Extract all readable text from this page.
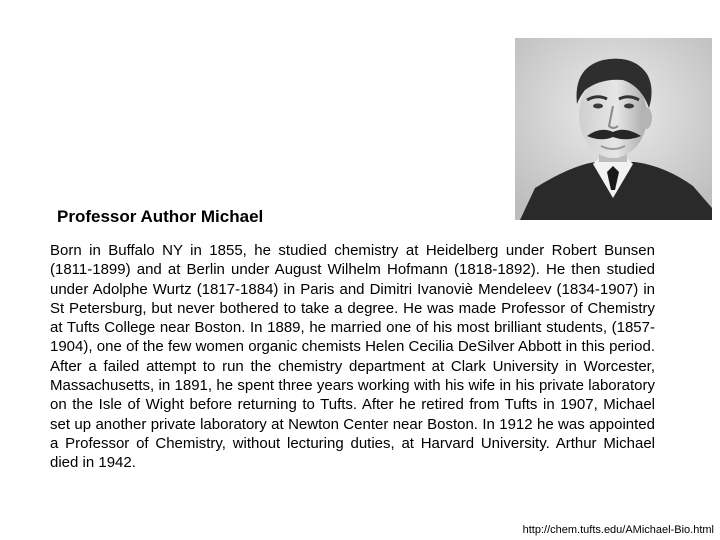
Professor Author Michael

Born in Buffalo NY in 1855, he studied chemistry at Heidelberg under Robert Bunsen (1811-1899) and at Berlin under August Wilhelm Hofmann (1818-1892). He then studied under Adolphe Wurtz (1817-1884) in Paris and Dimitri Ivanoviè Mendeleev (1834-1907) in St Petersburg, but never bothered to take a degree. He was made Professor of Chemistry at Tufts College near Boston. In 1889, he married one of his most brilliant students, (1857-1904), one of the few women organic chemists Helen Cecilia DeSilver Abbott in this period. After a failed attempt to run the chemistry department at Clark University in Worcester, Massachusetts, in 1891, he spent three years working with his wife in his private laboratory on the Isle of Wight before returning to Tufts. After he retired from Tufts in 1907, Michael set up another private laboratory at Newton Center near Boston. In 1912 he was appointed a Professor of Chemistry, without lecturing duties, at Harvard University. Arthur Michael died in 1942.

http://chem.tufts.edu/AMichael-Bio.html
